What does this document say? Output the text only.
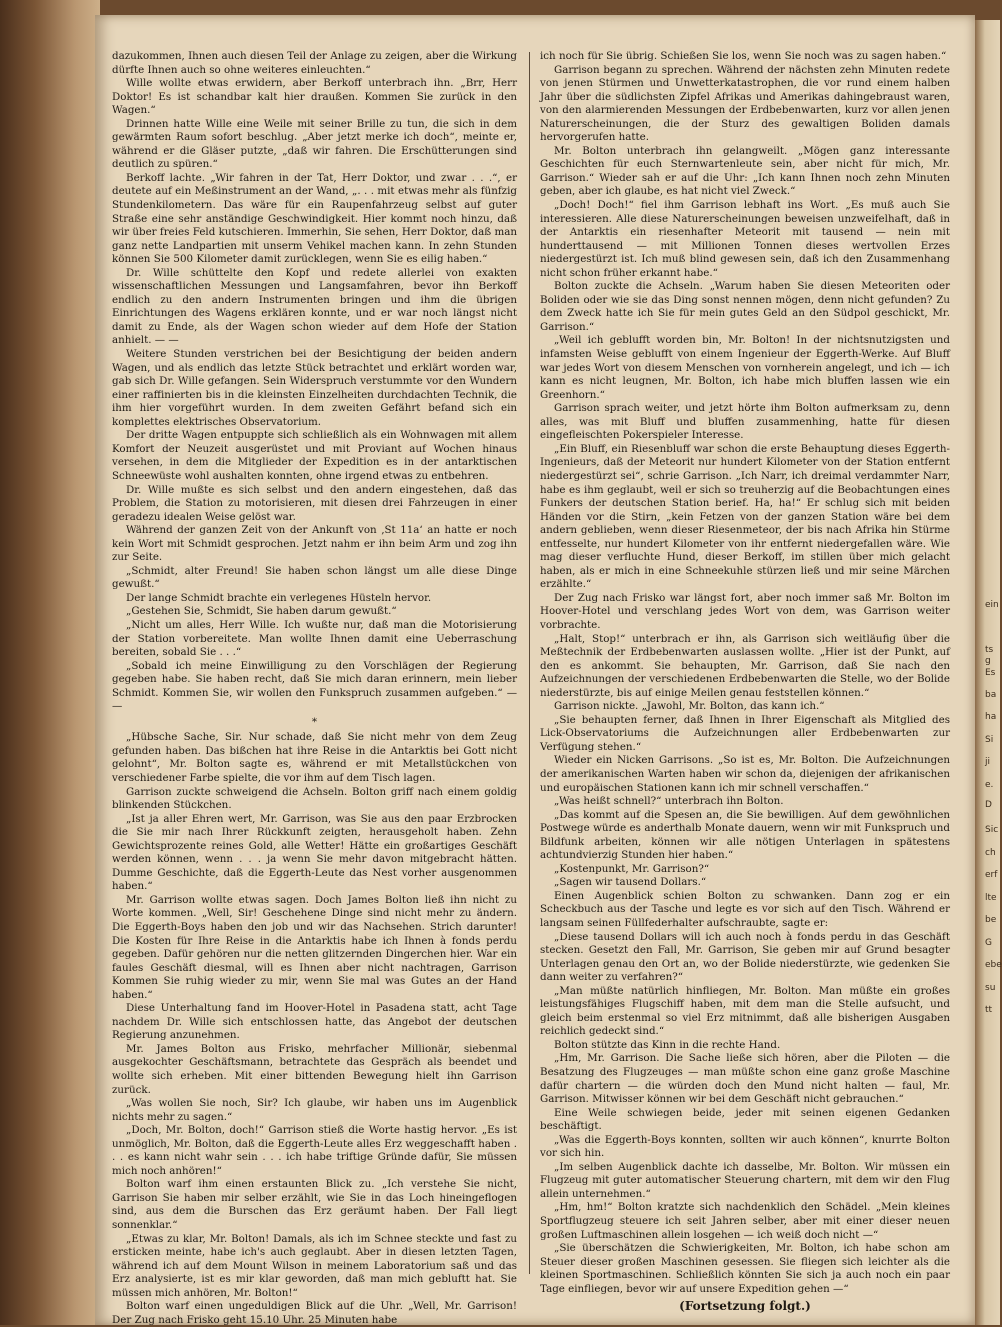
ein
ts g
Es
ba
ha
Si
ji
e.
D
Sic
ch
erf
lte
be
G
ebe
su
tt

dazukommen, Ihnen auch diesen Teil der Anlage zu zeigen, aber die Wirkung dürfte Ihnen auch so ohne weiteres einleuchten.“

Wille wollte etwas erwidern, aber Berkoff unterbrach ihn. „Brr, Herr Doktor! Es ist schandbar kalt hier draußen. Kommen Sie zurück in den Wagen.“

Drinnen hatte Wille eine Weile mit seiner Brille zu tun, die sich in dem gewärmten Raum sofort beschlug. „Aber jetzt merke ich doch“, meinte er, während er die Gläser putzte, „daß wir fahren. Die Erschütterungen sind deutlich zu spüren.“

Berkoff lachte. „Wir fahren in der Tat, Herr Doktor, und zwar . . .“, er deutete auf ein Meßinstrument an der Wand, „. . . mit etwas mehr als fünfzig Stundenkilometern. Das wäre für ein Raupenfahrzeug selbst auf guter Straße eine sehr anständige Geschwindigkeit. Hier kommt noch hinzu, daß wir über freies Feld kutschieren. Immerhin, Sie sehen, Herr Doktor, daß man ganz nette Landpartien mit unserm Vehikel machen kann. In zehn Stunden können Sie 500 Kilometer damit zurücklegen, wenn Sie es eilig haben.“

Dr. Wille schüttelte den Kopf und redete allerlei von exakten wissenschaftlichen Messungen und Langsamfahren, bevor ihn Berkoff endlich zu den andern Instrumenten bringen und ihm die übrigen Einrichtungen des Wagens erklären konnte, und er war noch längst nicht damit zu Ende, als der Wagen schon wieder auf dem Hofe der Station anhielt. — —

Weitere Stunden verstrichen bei der Besichtigung der beiden andern Wagen, und als endlich das letzte Stück betrachtet und erklärt worden war, gab sich Dr. Wille gefangen. Sein Widerspruch verstummte vor den Wundern einer raffinierten bis in die kleinsten Einzelheiten durchdachten Technik, die ihm hier vorgeführt wurden. In dem zweiten Gefährt befand sich ein komplettes elektrisches Observatorium.

Der dritte Wagen entpuppte sich schließlich als ein Wohnwagen mit allem Komfort der Neuzeit ausgerüstet und mit Proviant auf Wochen hinaus versehen, in dem die Mitglieder der Expedition es in der antarktischen Schneewüste wohl aushalten konnten, ohne irgend etwas zu entbehren.

Dr. Wille mußte es sich selbst und den andern eingestehen, daß das Problem, die Station zu motorisieren, mit diesen drei Fahrzeugen in einer geradezu idealen Weise gelöst war.

Während der ganzen Zeit von der Ankunft von ‚St 11a‘ an hatte er noch kein Wort mit Schmidt gesprochen. Jetzt nahm er ihn beim Arm und zog ihn zur Seite.

„Schmidt, alter Freund! Sie haben schon längst um alle diese Dinge gewußt.“

Der lange Schmidt brachte ein verlegenes Hüsteln hervor.

„Gestehen Sie, Schmidt, Sie haben darum gewußt.“

„Nicht um alles, Herr Wille. Ich wußte nur, daß man die Motorisierung der Station vorbereitete. Man wollte Ihnen damit eine Ueberraschung bereiten, sobald Sie . . .“

„Sobald ich meine Einwilligung zu den Vorschlägen der Regierung gegeben habe. Sie haben recht, daß Sie mich daran erinnern, mein lieber Schmidt. Kommen Sie, wir wollen den Funkspruch zusammen aufgeben.“ — —

*

„Hübsche Sache, Sir. Nur schade, daß Sie nicht mehr von dem Zeug gefunden haben. Das bißchen hat ihre Reise in die Antarktis bei Gott nicht gelohnt“, Mr. Bolton sagte es, während er mit Metallstückchen von verschiedener Farbe spielte, die vor ihm auf dem Tisch lagen.

Garrison zuckte schweigend die Achseln. Bolton griff nach einem goldig blinkenden Stückchen.

„Ist ja aller Ehren wert, Mr. Garrison, was Sie aus den paar Erzbrocken die Sie mir nach Ihrer Rückkunft zeigten, herausgeholt haben. Zehn Gewichtsprozente reines Gold, alle Wetter! Hätte ein großartiges Geschäft werden können, wenn . . . ja wenn Sie mehr davon mitgebracht hätten. Dumme Geschichte, daß die Eggerth-Leute das Nest vorher ausgenommen haben.“

Mr. Garrison wollte etwas sagen. Doch James Bolton ließ ihn nicht zu Worte kommen. „Well, Sir! Geschehene Dinge sind nicht mehr zu ändern. Die Eggerth-Boys haben den job und wir das Nachsehen. Strich darunter! Die Kosten für Ihre Reise in die Antarktis habe ich Ihnen à fonds perdu gegeben. Dafür gehören nur die netten glitzernden Dingerchen hier. War ein faules Geschäft diesmal, will es Ihnen aber nicht nachtragen, Garrison Kommen Sie ruhig wieder zu mir, wenn Sie mal was Gutes an der Hand haben.“

Diese Unterhaltung fand im Hoover-Hotel in Pasadena statt, acht Tage nachdem Dr. Wille sich entschlossen hatte, das Angebot der deutschen Regierung anzunehmen.

Mr. James Bolton aus Frisko, mehrfacher Millionär, siebenmal ausgekochter Geschäftsmann, betrachtete das Gespräch als beendet und wollte sich erheben. Mit einer bittenden Bewegung hielt ihn Garrison zurück.

„Was wollen Sie noch, Sir? Ich glaube, wir haben uns im Augenblick nichts mehr zu sagen.“

„Doch, Mr. Bolton, doch!“ Garrison stieß die Worte hastig hervor. „Es ist unmöglich, Mr. Bolton, daß die Eggerth-Leute alles Erz weggeschafft haben . . . es kann nicht wahr sein . . . ich habe triftige Gründe dafür, Sie müssen mich noch anhören!“

Bolton warf ihm einen erstaunten Blick zu. „Ich verstehe Sie nicht, Garrison Sie haben mir selber erzählt, wie Sie in das Loch hineingeflogen sind, aus dem die Burschen das Erz geräumt haben. Der Fall liegt sonnenklar.“

„Etwas zu klar, Mr. Bolton! Damals, als ich im Schnee steckte und fast zu ersticken meinte, habe ich's auch geglaubt. Aber in diesen letzten Tagen, während ich auf dem Mount Wilson in meinem Laboratorium saß und das Erz analysierte, ist es mir klar geworden, daß man mich gebluftt hat. Sie müssen mich anhören, Mr. Bolton!“

Bolton warf einen ungeduldigen Blick auf die Uhr. „Well, Mr. Garrison! Der Zug nach Frisko geht 15.10 Uhr. 25 Minuten habe

ich noch für Sie übrig. Schießen Sie los, wenn Sie noch was zu sagen haben.“

Garrison begann zu sprechen. Während der nächsten zehn Minuten redete von jenen Stürmen und Unwetterkatastrophen, die vor rund einem halben Jahr über die südlichsten Zipfel Afrikas und Amerikas dahingebraust waren, von den alarmierenden Messungen der Erdbebenwarten, kurz vor allen jenen Naturerscheinungen, die der Sturz des gewaltigen Boliden damals hervorgerufen hatte.

Mr. Bolton unterbrach ihn gelangweilt. „Mögen ganz interessante Geschichten für euch Sternwartenleute sein, aber nicht für mich, Mr. Garrison.“ Wieder sah er auf die Uhr: „Ich kann Ihnen noch zehn Minuten geben, aber ich glaube, es hat nicht viel Zweck.“

„Doch! Doch!“ fiel ihm Garrison lebhaft ins Wort. „Es muß auch Sie interessieren. Alle diese Naturerscheinungen beweisen unzweifelhaft, daß in der Antarktis ein riesenhafter Meteorit mit tausend — nein mit hunderttausend — mit Millionen Tonnen dieses wertvollen Erzes niedergestürzt ist. Ich muß blind gewesen sein, daß ich den Zusammenhang nicht schon früher erkannt habe.“

Bolton zuckte die Achseln. „Warum haben Sie diesen Meteoriten oder Boliden oder wie sie das Ding sonst nennen mögen, denn nicht gefunden? Zu dem Zweck hatte ich Sie für mein gutes Geld an den Südpol geschickt, Mr. Garrison.“

„Weil ich geblufft worden bin, Mr. Bolton! In der nichtsnutzigsten und infamsten Weise geblufft von einem Ingenieur der Eggerth-Werke. Auf Bluff war jedes Wort von diesem Menschen von vornherein angelegt, und ich — ich kann es nicht leugnen, Mr. Bolton, ich habe mich bluffen lassen wie ein Greenhorn.“

Garrison sprach weiter, und jetzt hörte ihm Bolton aufmerksam zu, denn alles, was mit Bluff und bluffen zusammenhing, hatte für diesen eingefleischten Pokerspieler Interesse.

„Ein Bluff, ein Riesenbluff war schon die erste Behauptung dieses Eggerth-Ingenieurs, daß der Meteorit nur hundert Kilometer von der Station entfernt niedergestürzt sei“, schrie Garrison. „Ich Narr, ich dreimal verdammter Narr, habe es ihm geglaubt, weil er sich so treuherzig auf die Beobachtungen eines Funkers der deutschen Station berief. Ha, ha!“ Er schlug sich mit beiden Händen vor die Stirn, „kein Fetzen von der ganzen Station wäre bei dem andern geblieben, wenn dieser Riesenmeteor, der bis nach Afrika hin Stürme entfesselte, nur hundert Kilometer von ihr entfernt niedergefallen wäre. Wie mag dieser verfluchte Hund, dieser Berkoff, im stillen über mich gelacht haben, als er mich in eine Schneekuhle stürzen ließ und mir seine Märchen erzählte.“

Der Zug nach Frisko war längst fort, aber noch immer saß Mr. Bolton im Hoover-Hotel und verschlang jedes Wort von dem, was Garrison weiter vorbrachte.

„Halt, Stop!“ unterbrach er ihn, als Garrison sich weitläufig über die Meßtechnik der Erdbebenwarten auslassen wollte. „Hier ist der Punkt, auf den es ankommt. Sie behaupten, Mr. Garrison, daß Sie nach den Aufzeichnungen der verschiedenen Erdbebenwarten die Stelle, wo der Bolide niederstürzte, bis auf einige Meilen genau feststellen können.“

Garrison nickte. „Jawohl, Mr. Bolton, das kann ich.“

„Sie behaupten ferner, daß Ihnen in Ihrer Eigenschaft als Mitglied des Lick-Observatoriums die Aufzeichnungen aller Erdbebenwarten zur Verfügung stehen.“

Wieder ein Nicken Garrisons. „So ist es, Mr. Bolton. Die Aufzeichnungen der amerikanischen Warten haben wir schon da, diejenigen der afrikanischen und europäischen Stationen kann ich mir schnell verschaffen.“

„Was heißt schnell?“ unterbrach ihn Bolton.

„Das kommt auf die Spesen an, die Sie bewilligen. Auf dem gewöhnlichen Postwege würde es anderthalb Monate dauern, wenn wir mit Funkspruch und Bildfunk arbeiten, können wir alle nötigen Unterlagen in spätestens achtundvierzig Stunden hier haben.“

„Kostenpunkt, Mr. Garrison?“

„Sagen wir tausend Dollars.“

Einen Augenblick schien Bolton zu schwanken. Dann zog er ein Scheckbuch aus der Tasche und legte es vor sich auf den Tisch. Während er langsam seinen Füllfederhalter aufschraubte, sagte er:

„Diese tausend Dollars will ich auch noch à fonds perdu in das Geschäft stecken. Gesetzt den Fall, Mr. Garrison, Sie geben mir auf Grund besagter Unterlagen genau den Ort an, wo der Bolide niederstürzte, wie gedenken Sie dann weiter zu verfahren?“

„Man müßte natürlich hinfliegen, Mr. Bolton. Man müßte ein großes leistungsfähiges Flugschiff haben, mit dem man die Stelle aufsucht, und gleich beim erstenmal so viel Erz mitnimmt, daß alle bisherigen Ausgaben reichlich gedeckt sind.“

Bolton stützte das Kinn in die rechte Hand.

„Hm, Mr. Garrison. Die Sache ließe sich hören, aber die Piloten — die Besatzung des Flugzeuges — man müßte schon eine ganz große Maschine dafür chartern — die würden doch den Mund nicht halten — faul, Mr. Garrison. Mitwisser können wir bei dem Geschäft nicht gebrauchen.“

Eine Weile schwiegen beide, jeder mit seinen eigenen Gedanken beschäftigt.

„Was die Eggerth-Boys konnten, sollten wir auch können“, knurrte Bolton vor sich hin.

„Im selben Augenblick dachte ich dasselbe, Mr. Bolton. Wir müssen ein Flugzeug mit guter automatischer Steuerung chartern, mit dem wir den Flug allein unternehmen.“

„Hm, hm!“ Bolton kratzte sich nachdenklich den Schädel. „Mein kleines Sportflugzeug steuere ich seit Jahren selber, aber mit einer dieser neuen großen Luftmaschinen allein losgehen — ich weiß doch nicht —“

„Sie überschätzen die Schwierigkeiten, Mr. Bolton, ich habe schon am Steuer dieser großen Maschinen gesessen. Sie fliegen sich leichter als die kleinen Sportmaschinen. Schließlich könnten Sie sich ja auch noch ein paar Tage einfliegen, bevor wir auf unsere Expedition gehen —“

(Fortsetzung folgt.)
